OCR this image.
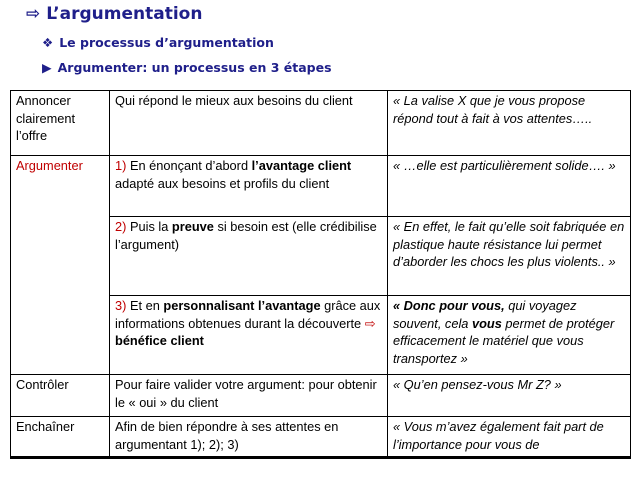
⇨ L’argumentation
❖ Le processus d’argumentation
▶ Argumenter: un processus en 3 étapes
Annoncer clairement l’offre	Qui répond le mieux aux besoins du client	« La valise X que je vous propose répond tout à fait à vos attentes…..
Argumenter	1) En énonçant d’abord l’avantage client adapté aux besoins et profils du client	« …elle est particulièrement solide…. »
	2) Puis la preuve si besoin est (elle crédibilise l’argument)	« En effet, le fait qu’elle soit fabriquée en plastique haute résistance lui permet d’aborder les chocs les plus violents.. »
	3) Et en personnalisant l’avantage grâce aux informations obtenues durant la découverte ⇨ bénéfice client	« Donc pour vous, qui voyagez souvent, cela vous permet de protéger efficacement le matériel que vous transportez »
Contrôler	Pour faire valider votre argument: pour obtenir le « oui » du client	« Qu’en pensez-vous Mr Z? »
Enchaîner	Afin de bien répondre à ses attentes en argumentant 1); 2); 3)	« Vous m’avez également fait part de l’importance pour vous de
